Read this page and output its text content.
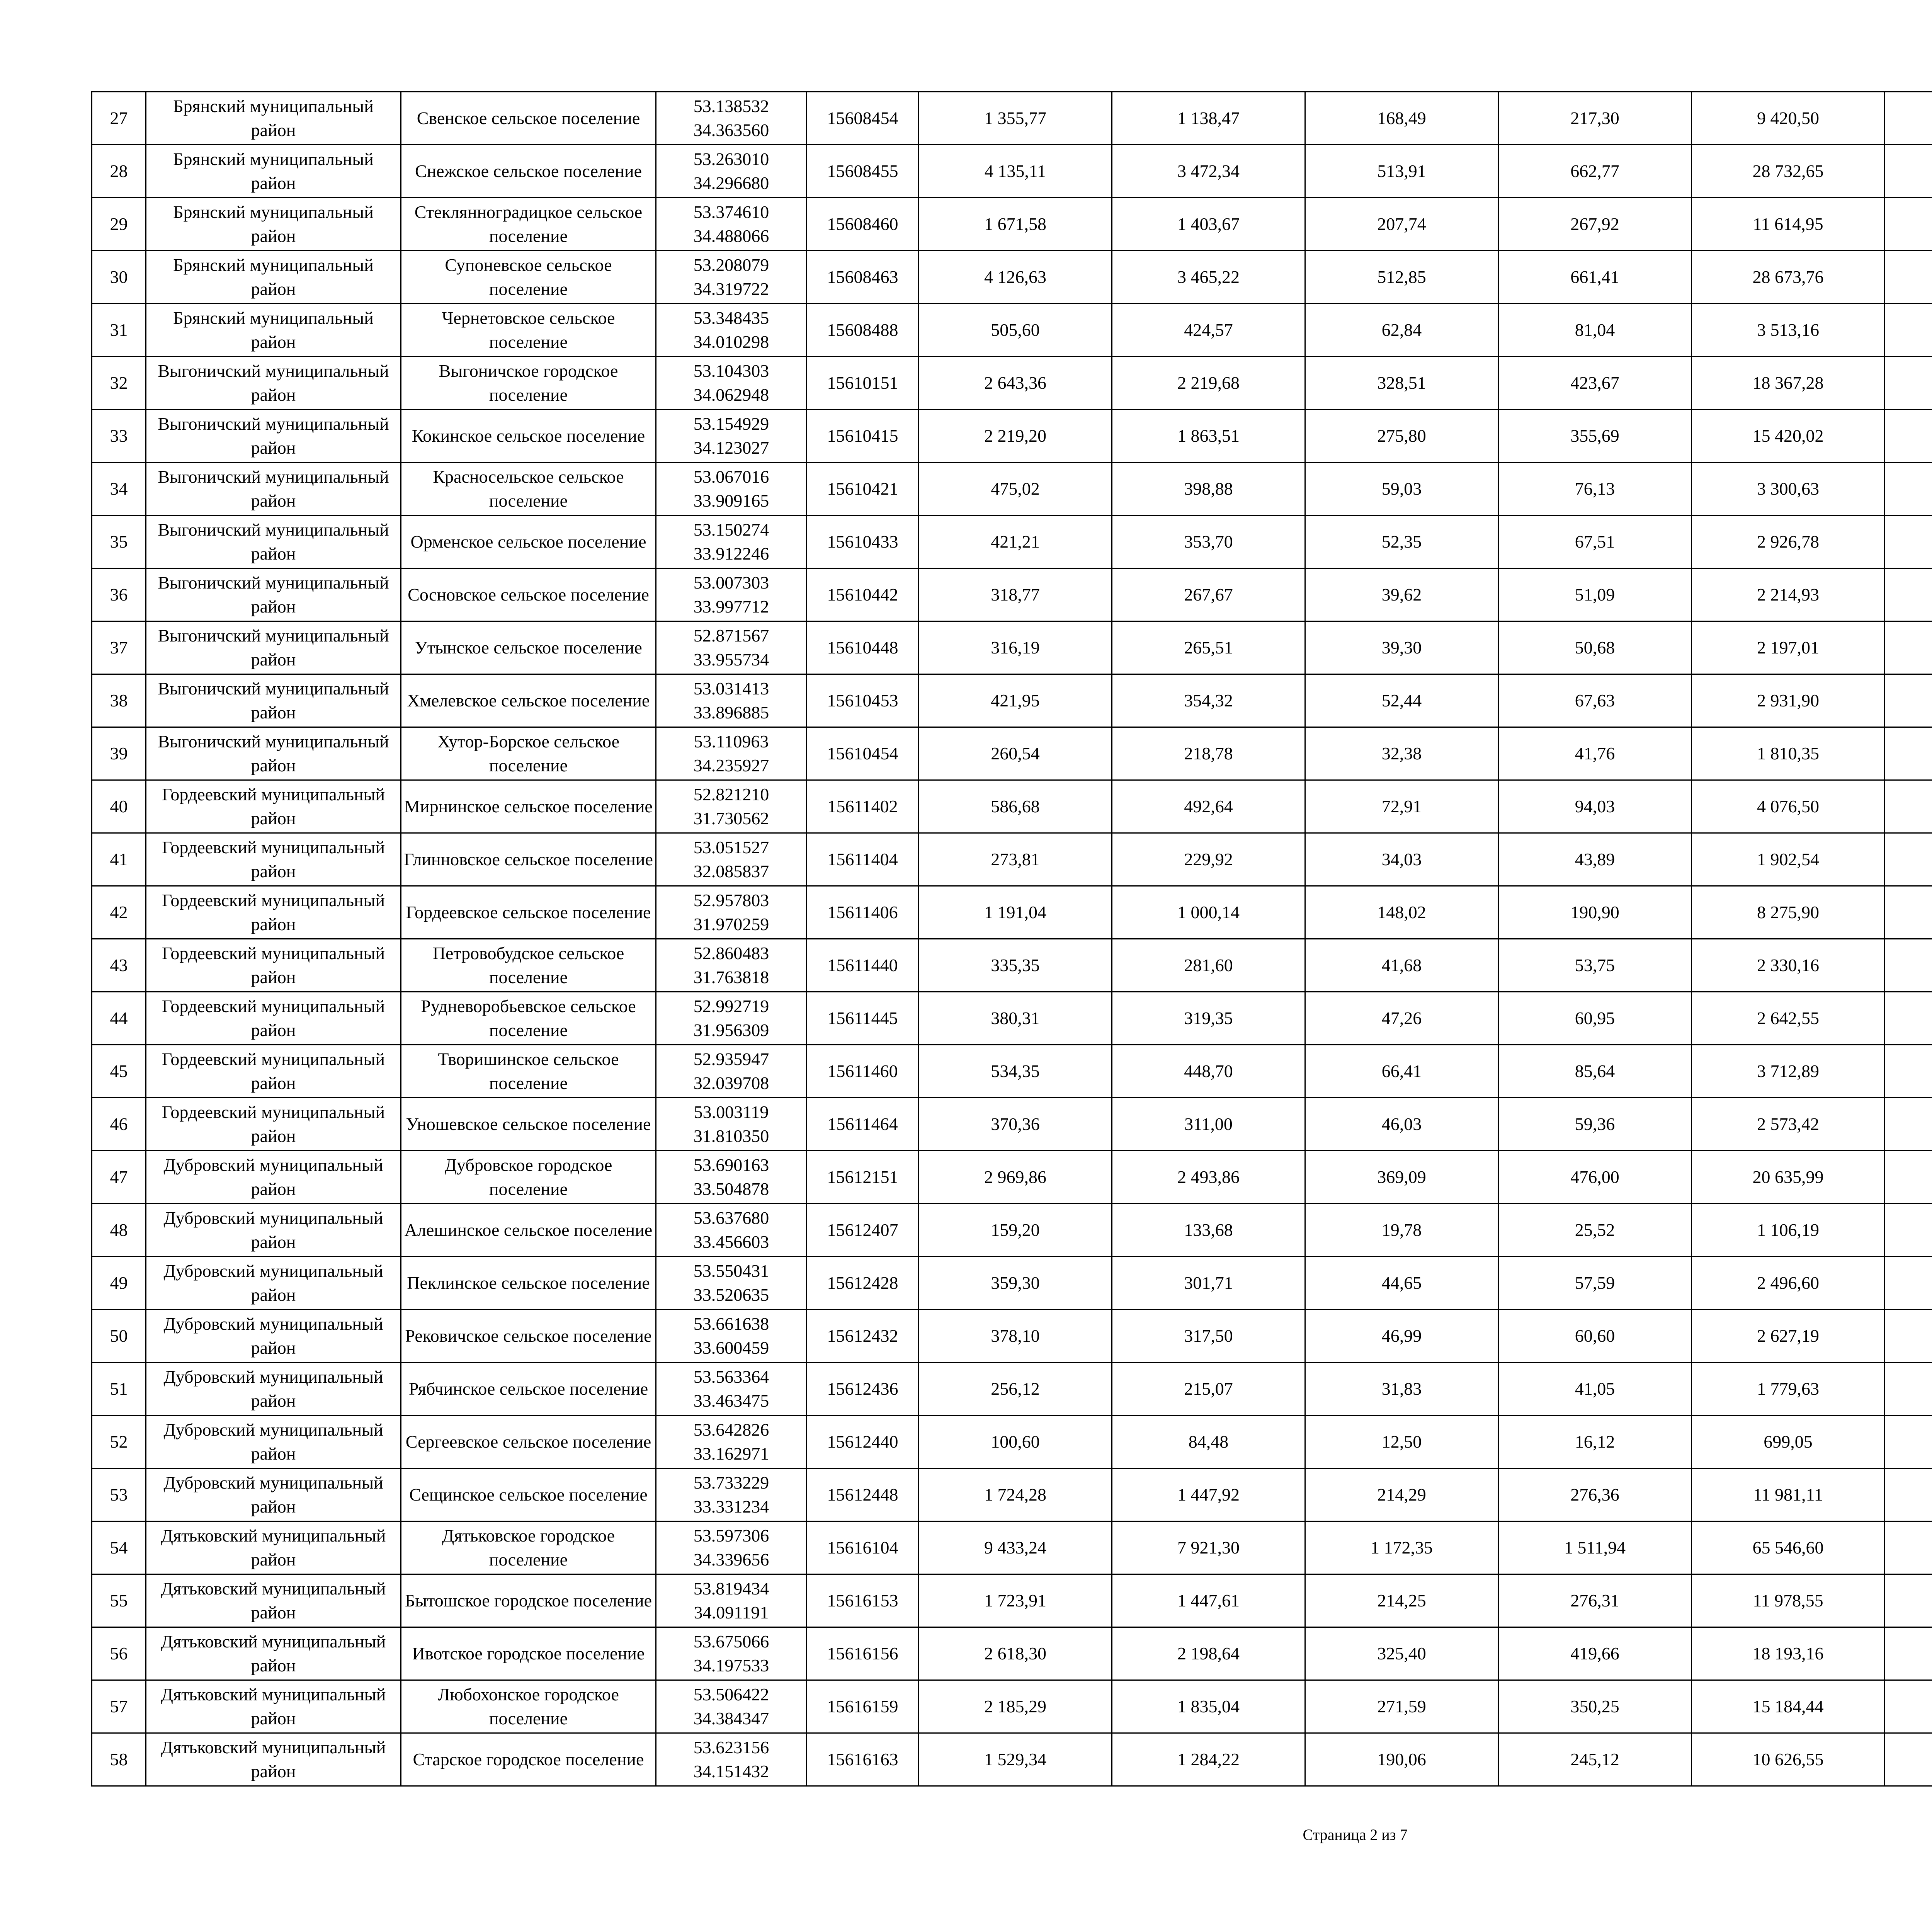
27	Брянский муниципальный район	Свенское сельское поселение	53.138532
34.363560	15608454	1 355,77	1 138,47	168,49	217,30	9 420,50			
28	Брянский муниципальный район	Снежское сельское поселение	53.263010
34.296680	15608455	4 135,11	3 472,34	513,91	662,77	28 732,65			
29	Брянский муниципальный район	Стеклянноградицкое сельское поселение	53.374610
34.488066	15608460	1 671,58	1 403,67	207,74	267,92	11 614,95			
30	Брянский муниципальный район	Супоневское сельское поселение	53.208079
34.319722	15608463	4 126,63	3 465,22	512,85	661,41	28 673,76			
31	Брянский муниципальный район	Чернетовское сельское поселение	53.348435
34.010298	15608488	505,60	424,57	62,84	81,04	3 513,16			
32	Выгоничский муниципальный район	Выгоничское городское поселение	53.104303
34.062948	15610151	2 643,36	2 219,68	328,51	423,67	18 367,28			
33	Выгоничский муниципальный район	Кокинское сельское поселение	53.154929
34.123027	15610415	2 219,20	1 863,51	275,80	355,69	15 420,02			
34	Выгоничский муниципальный район	Красносельское сельское поселение	53.067016
33.909165	15610421	475,02	398,88	59,03	76,13	3 300,63			
35	Выгоничский муниципальный район	Орменское сельское поселение	53.150274
33.912246	15610433	421,21	353,70	52,35	67,51	2 926,78			
36	Выгоничский муниципальный район	Сосновское сельское поселение	53.007303
33.997712	15610442	318,77	267,67	39,62	51,09	2 214,93			
37	Выгоничский муниципальный район	Утынское сельское поселение	52.871567
33.955734	15610448	316,19	265,51	39,30	50,68	2 197,01			
38	Выгоничский муниципальный район	Хмелевское сельское поселение	53.031413
33.896885	15610453	421,95	354,32	52,44	67,63	2 931,90			
39	Выгоничский муниципальный район	Хутор-Борское сельское поселение	53.110963
34.235927	15610454	260,54	218,78	32,38	41,76	1 810,35			
40	Гордеевский муниципальный район	Мирнинское сельское поселение	52.821210
31.730562	15611402	586,68	492,64	72,91	94,03	4 076,50			
41	Гордеевский муниципальный район	Глинновское сельское поселение	53.051527
32.085837	15611404	273,81	229,92	34,03	43,89	1 902,54			
42	Гордеевский муниципальный район	Гордеевское сельское поселение	52.957803
31.970259	15611406	1 191,04	1 000,14	148,02	190,90	8 275,90			
43	Гордеевский муниципальный район	Петровобудское сельское поселение	52.860483
31.763818	15611440	335,35	281,60	41,68	53,75	2 330,16			
44	Гордеевский муниципальный район	Рудневоробьевское сельское поселение	52.992719
31.956309	15611445	380,31	319,35	47,26	60,95	2 642,55			
45	Гордеевский муниципальный район	Творишинское сельское поселение	52.935947
32.039708	15611460	534,35	448,70	66,41	85,64	3 712,89			
46	Гордеевский муниципальный район	Уношевское сельское поселение	53.003119
31.810350	15611464	370,36	311,00	46,03	59,36	2 573,42			
47	Дубровский муниципальный район	Дубровское городское поселение	53.690163
33.504878	15612151	2 969,86	2 493,86	369,09	476,00	20 635,99			
48	Дубровский муниципальный район	Алешинское сельское поселение	53.637680
33.456603	15612407	159,20	133,68	19,78	25,52	1 106,19			
49	Дубровский муниципальный район	Пеклинское сельское поселение	53.550431
33.520635	15612428	359,30	301,71	44,65	57,59	2 496,60			
50	Дубровский муниципальный район	Рековичское сельское поселение	53.661638
33.600459	15612432	378,10	317,50	46,99	60,60	2 627,19			
51	Дубровский муниципальный район	Рябчинское сельское поселение	53.563364
33.463475	15612436	256,12	215,07	31,83	41,05	1 779,63			
52	Дубровский муниципальный район	Сергеевское сельское поселение	53.642826
33.162971	15612440	100,60	84,48	12,50	16,12	699,05			
53	Дубровский муниципальный район	Сещинское сельское поселение	53.733229
33.331234	15612448	1 724,28	1 447,92	214,29	276,36	11 981,11			
54	Дятьковский муниципальный район	Дятьковское городское поселение	53.597306
34.339656	15616104	9 433,24	7 921,30	1 172,35	1 511,94	65 546,60			
55	Дятьковский муниципальный район	Бытошское городское поселение	53.819434
34.091191	15616153	1 723,91	1 447,61	214,25	276,31	11 978,55			
56	Дятьковский муниципальный район	Ивотское городское поселение	53.675066
34.197533	15616156	2 618,30	2 198,64	325,40	419,66	18 193,16			
57	Дятьковский муниципальный район	Любохонское городское поселение	53.506422
34.384347	15616159	2 185,29	1 835,04	271,59	350,25	15 184,44			
58	Дятьковский муниципальный район	Старское городское поселение	53.623156
34.151432	15616163	1 529,34	1 284,22	190,06	245,12	10 626,55			
Страница 2 из 7
